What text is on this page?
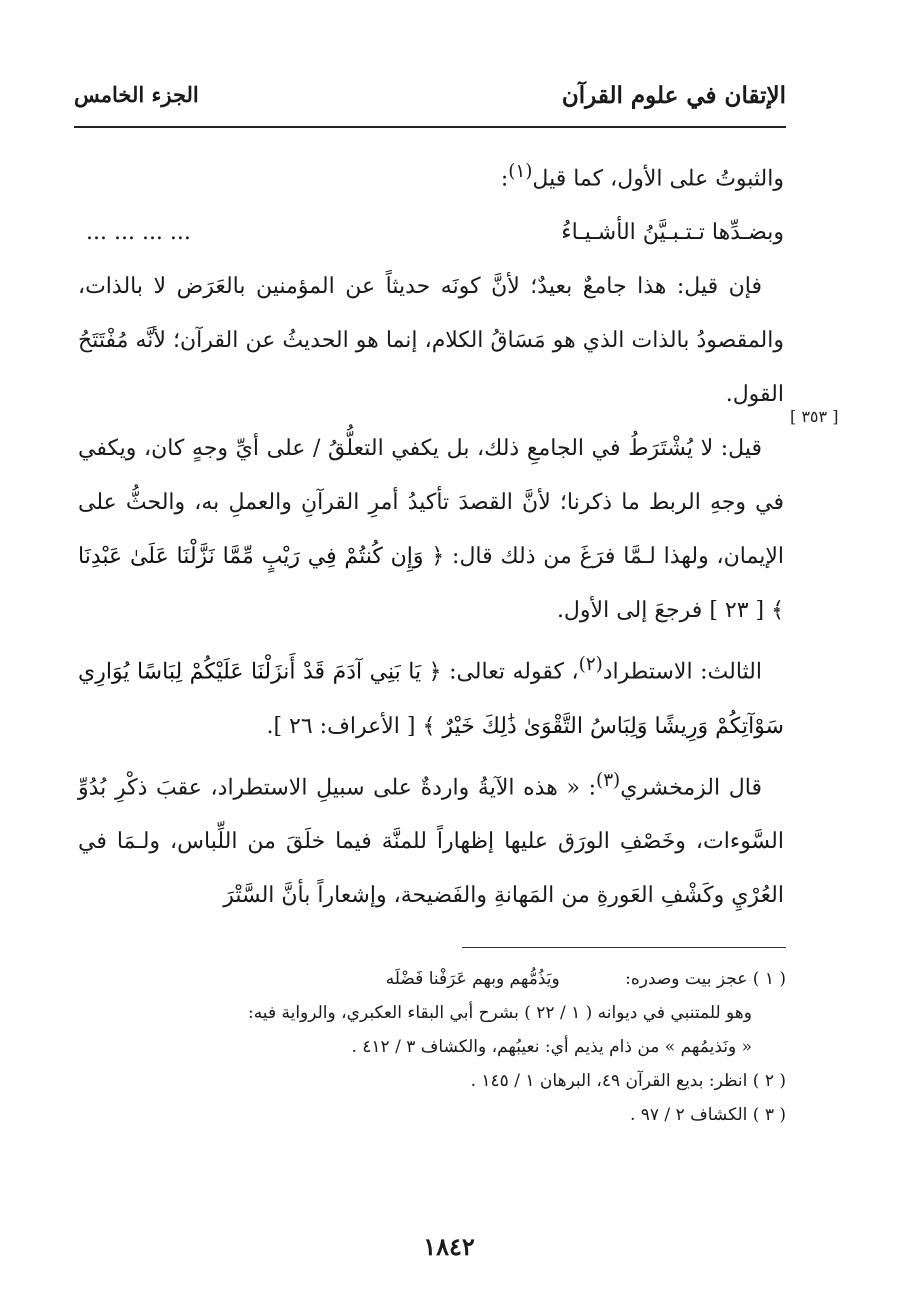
الإتقان في علوم القرآن
الجزء الخامس
[ ٣٥٣ ]

والثبوتُ على الأول، كما قيل$^{(١)}$:

وبضـدِّها تـتـبـيَّنُ الأشـيـاءُ
... ... ... ...

فإن قيل: هذا جامعٌ بعيدٌ؛ لأنَّ كونَه حديثاً عن المؤمنين بالعَرَض لا بالذات، والمقصودُ بالذات الذي هو مَسَاقُ الكلام، إنما هو الحديثُ عن القرآن؛ لأنَّه مُفْتَتَحُ القول.

قيل: لا يُشْتَرَطُ في الجامعِ ذلك، بل يكفي التعلُّقُ / على أيِّ وجهٍ كان، ويكفي في وجهِ الربط ما ذكرنا؛ لأنَّ القصدَ تأكيدُ أمرِ القرآنِ والعملِ به، والحثُّ على الإيمان، ولهذا لـمَّا فرَغَ من ذلك قال: ﴿ وَإِن كُنتُمْ فِي رَيْبٍ مِّمَّا نَزَّلْنَا عَلَىٰ عَبْدِنَا ﴾ [ ٢٣ ] فرجعَ إلى الأول.

الثالث: الاستطراد$^{(٢)}$، كقوله تعالى: ﴿ يَا بَنِي آدَمَ قَدْ أَنزَلْنَا عَلَيْكُمْ لِبَاسًا يُوَارِي سَوْآتِكُمْ وَرِيشًا وَلِبَاسُ التَّقْوَىٰ ذَٰلِكَ خَيْرٌ ﴾ [ الأعراف: ٢٦ ].

قال الزمخشري$^{(٣)}$: « هذه الآيةُ واردةٌ على سبيلِ الاستطراد، عقبَ ذكْرِ بُدُوِّ السَّوءات، وخَصْفِ الورَق عليها إظهاراً للمنَّة فيما خلَقَ من اللِّباس، ولـمَا في العُرْيِ وكَشْفِ العَورةِ من المَهانةِ والفَضيحة، وإشعاراً بأنَّ السَّتْرَ

( ١ ) عجز بيت وصدره: ويَذُمُّهم وبهم عَرَفْنا فَضْلَه

وهو للمتنبي في ديوانه ( ١ / ٢٢ ) بشرح أبي البقاء العكبري، والرواية فيه:

« ونَذيمُهم » من ذام يذيم أي: نعيبُهم، والكشاف ٣ / ٤١٢ .

( ٢ ) انظر: بديع القرآن ٤٩، البرهان ١ / ١٤٥ .

( ٣ ) الكشاف ٢ / ٩٧ .

١٨٤٢
